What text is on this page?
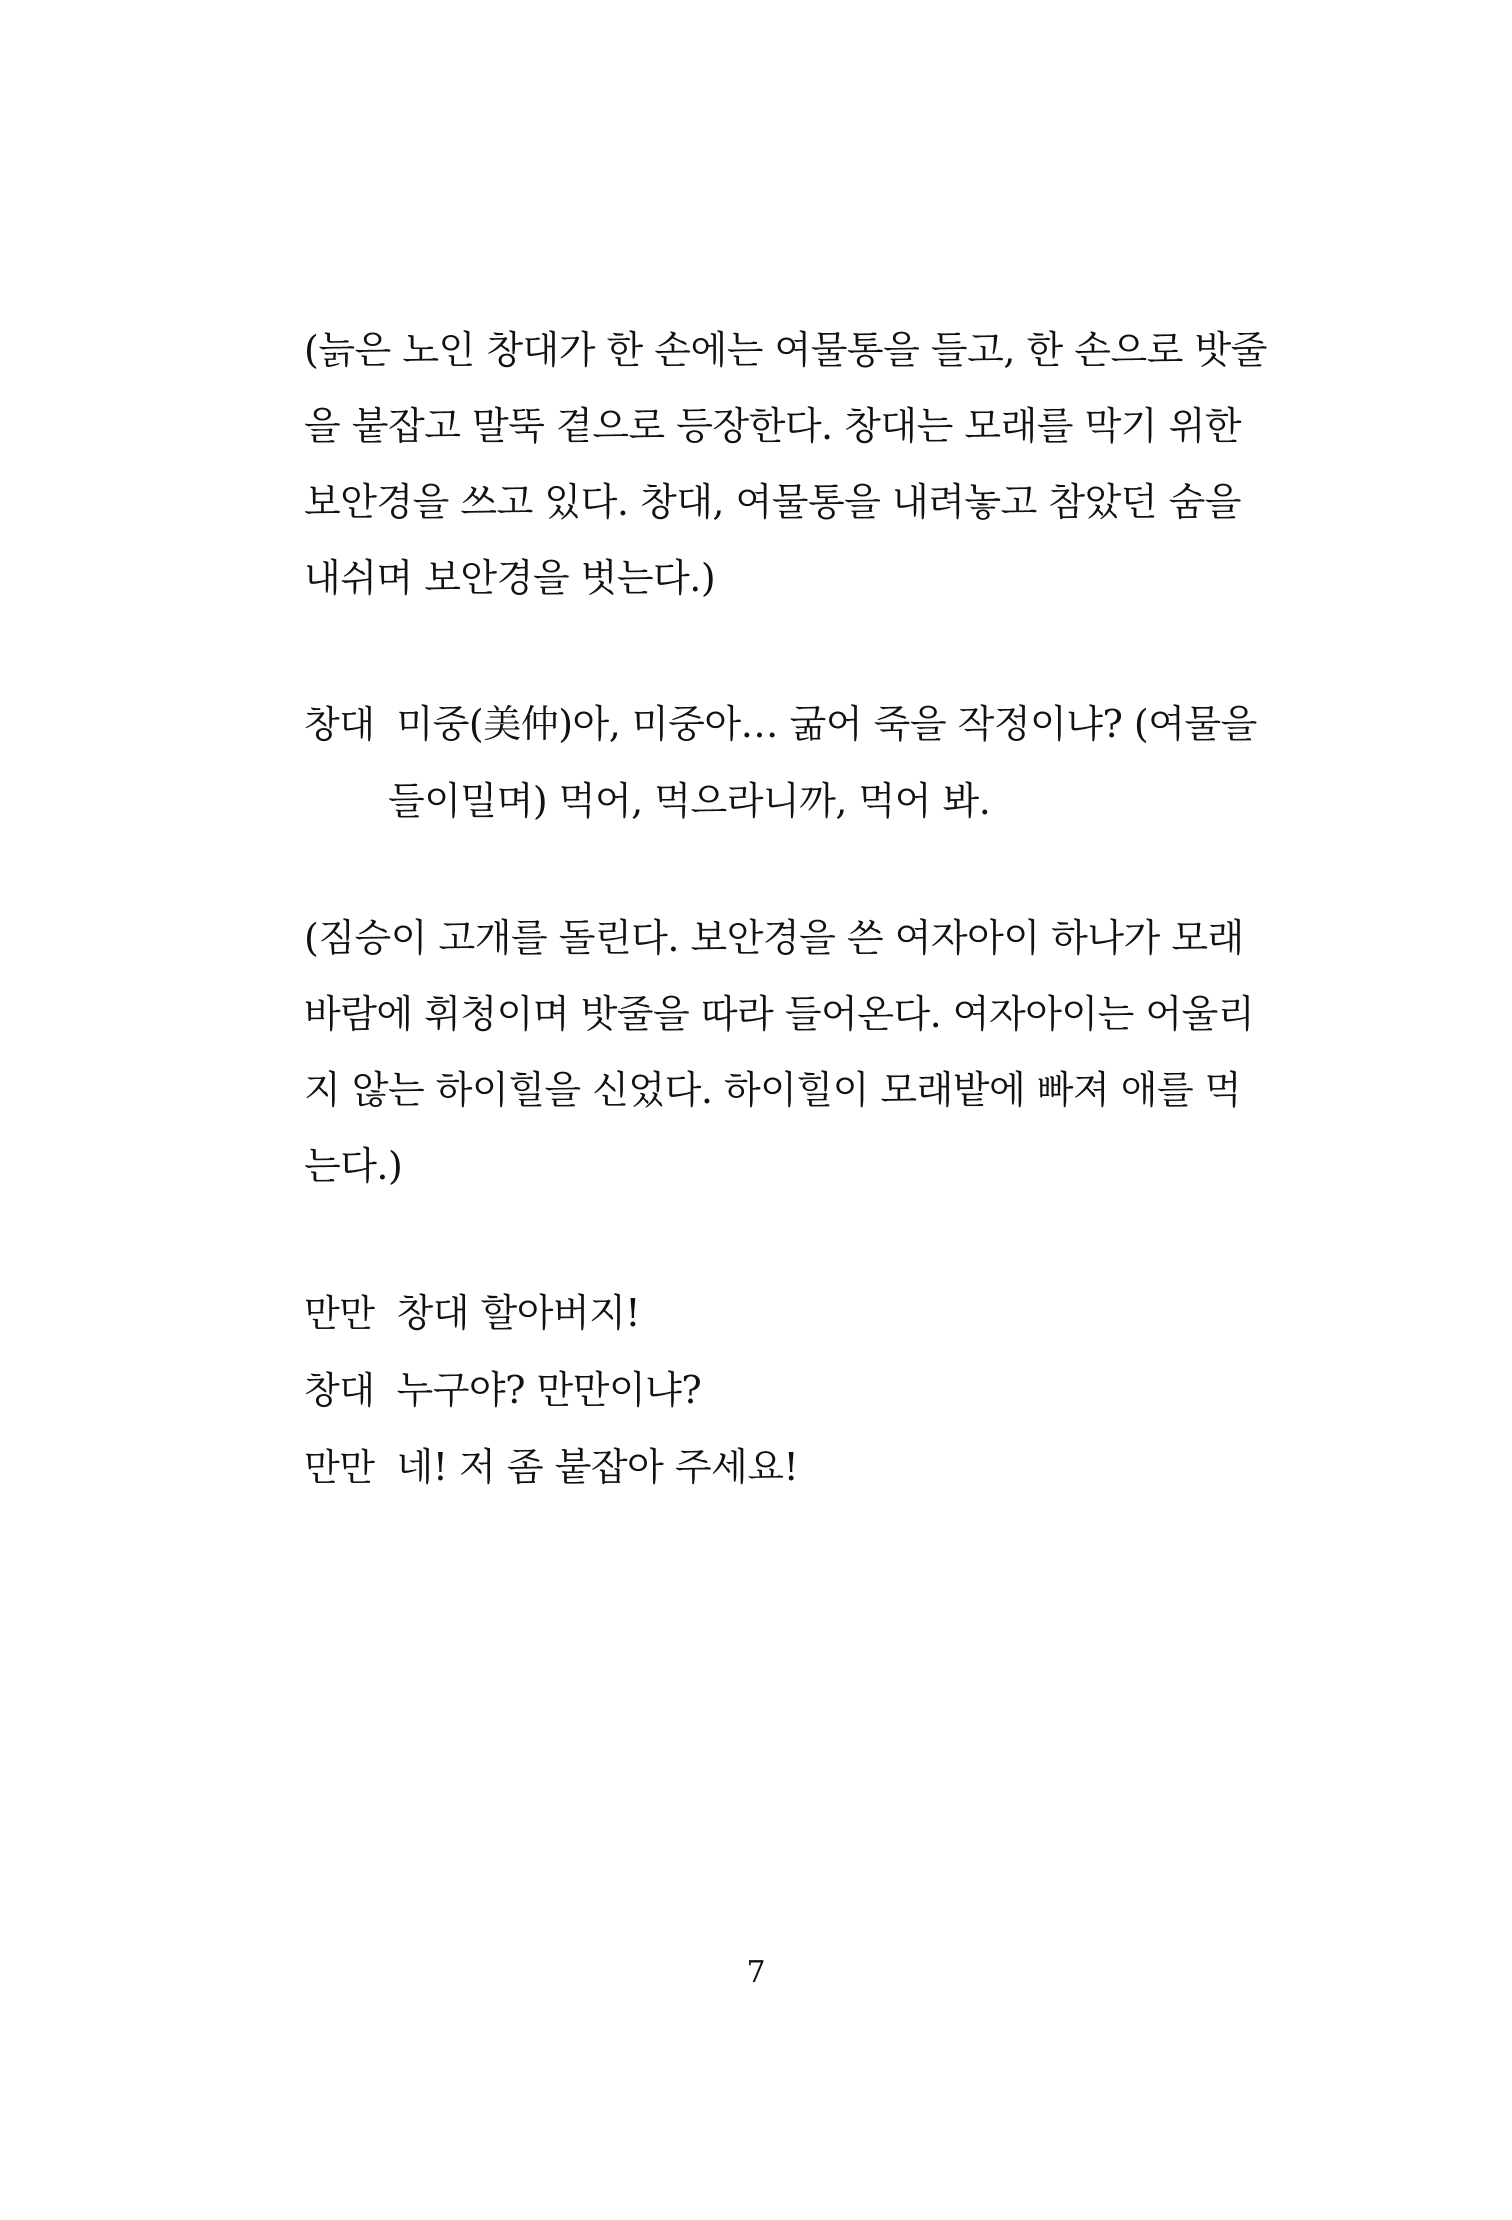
(늙은 노인 창대가 한 손에는 여물통을 들고, 한 손으로 밧줄
을 붙잡고 말뚝 곁으로 등장한다. 창대는 모래를 막기 위한
보안경을 쓰고 있다. 창대, 여물통을 내려놓고 참았던 숨을
내쉬며 보안경을 벗는다.)
창대 미중(美仲)아, 미중아… 굶어 죽을 작정이냐? (여물을
들이밀며) 먹어, 먹으라니까, 먹어 봐.
(짐승이 고개를 돌린다. 보안경을 쓴 여자아이 하나가 모래
바람에 휘청이며 밧줄을 따라 들어온다. 여자아이는 어울리
지 않는 하이힐을 신었다. 하이힐이 모래밭에 빠져 애를 먹
는다.)
만만 창대 할아버지!
창대 누구야? 만만이냐?
만만 네! 저 좀 붙잡아 주세요!
7
